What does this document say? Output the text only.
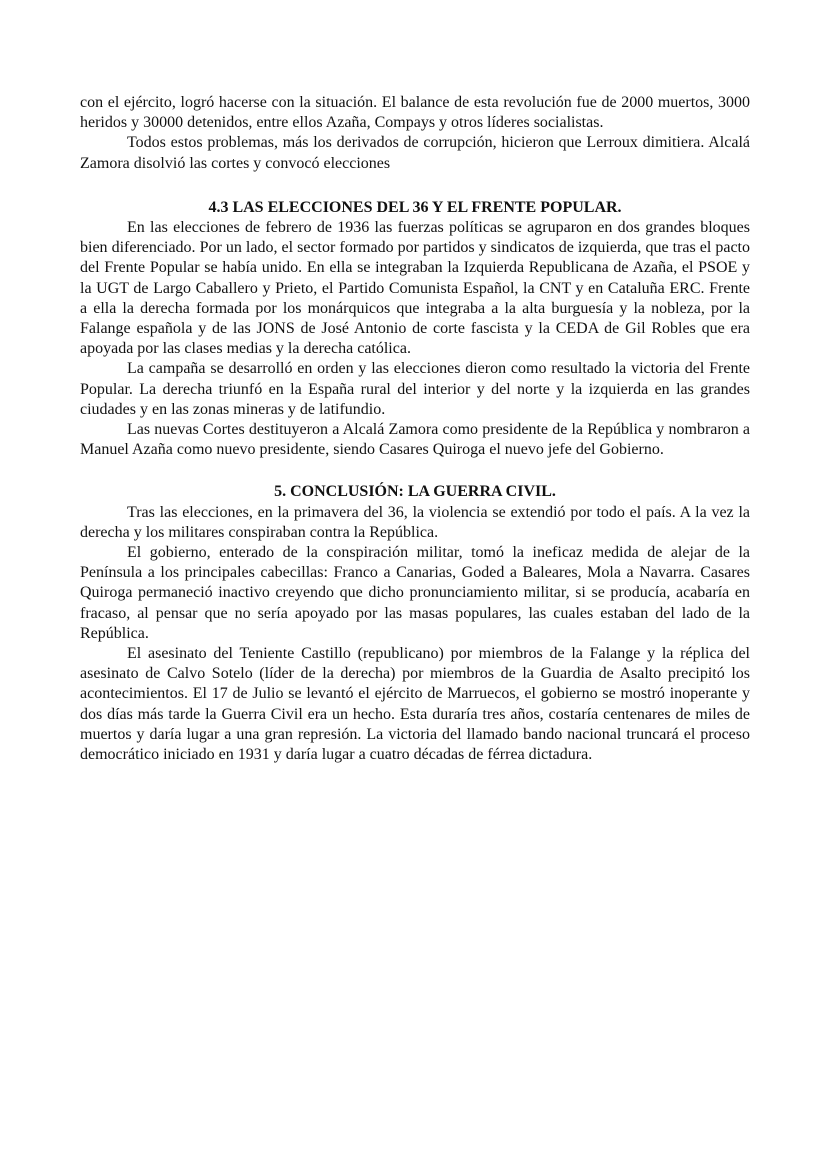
con el ejército, logró hacerse con la situación. El balance de esta revolución fue de 2000 muertos, 3000 heridos y 30000 detenidos, entre ellos Azaña, Compays y otros líderes socialistas.

Todos estos problemas, más los derivados de corrupción, hicieron que Lerroux dimitiera. Alcalá Zamora disolvió las cortes y convocó elecciones

4.3 LAS ELECCIONES DEL 36 Y EL FRENTE POPULAR.

En las elecciones de febrero de 1936 las fuerzas políticas se agruparon en dos grandes bloques bien diferenciado. Por un lado, el sector formado por partidos y sindicatos de izquierda, que tras el pacto del Frente Popular se había unido. En ella se integraban la Izquierda Republicana de Azaña, el PSOE y la UGT de Largo Caballero y Prieto, el Partido Comunista Español, la CNT y en Cataluña ERC. Frente a ella la derecha formada por los monárquicos que integraba a la alta burguesía y la nobleza, por la Falange española y de las JONS de José Antonio de corte fascista y la CEDA de Gil Robles que era apoyada por las clases medias y la derecha católica.

La campaña se desarrolló en orden y las elecciones dieron como resultado la victoria del Frente Popular. La derecha triunfó en la España rural del interior y del norte y la izquierda en las grandes ciudades y en las zonas mineras y de latifundio.

Las nuevas Cortes destituyeron a Alcalá Zamora como presidente de la República y nombraron a Manuel Azaña como nuevo presidente, siendo Casares Quiroga el nuevo jefe del Gobierno.

5. CONCLUSIÓN: LA GUERRA CIVIL.

Tras las elecciones, en la primavera del 36, la violencia se extendió por todo el país. A la vez la derecha y los militares conspiraban contra la República.

El gobierno, enterado de la conspiración militar, tomó la ineficaz medida de alejar de la Península a los principales cabecillas: Franco a Canarias, Goded a Baleares, Mola a Navarra. Casares Quiroga permaneció inactivo creyendo que dicho pronunciamiento militar, si se producía, acabaría en fracaso, al pensar que no sería apoyado por las masas populares, las cuales estaban del lado de la República.

El asesinato del Teniente Castillo (republicano) por miembros de la Falange y la réplica del asesinato de Calvo Sotelo (líder de la derecha) por miembros de la Guardia de Asalto precipitó los acontecimientos. El 17 de Julio se levantó el ejército de Marruecos, el gobierno se mostró inoperante y dos días más tarde la Guerra Civil era un hecho. Esta duraría tres años, costaría centenares de miles de muertos y daría lugar a una gran represión. La victoria del llamado bando nacional truncará el proceso democrático iniciado en 1931 y daría lugar a cuatro décadas de férrea dictadura.
